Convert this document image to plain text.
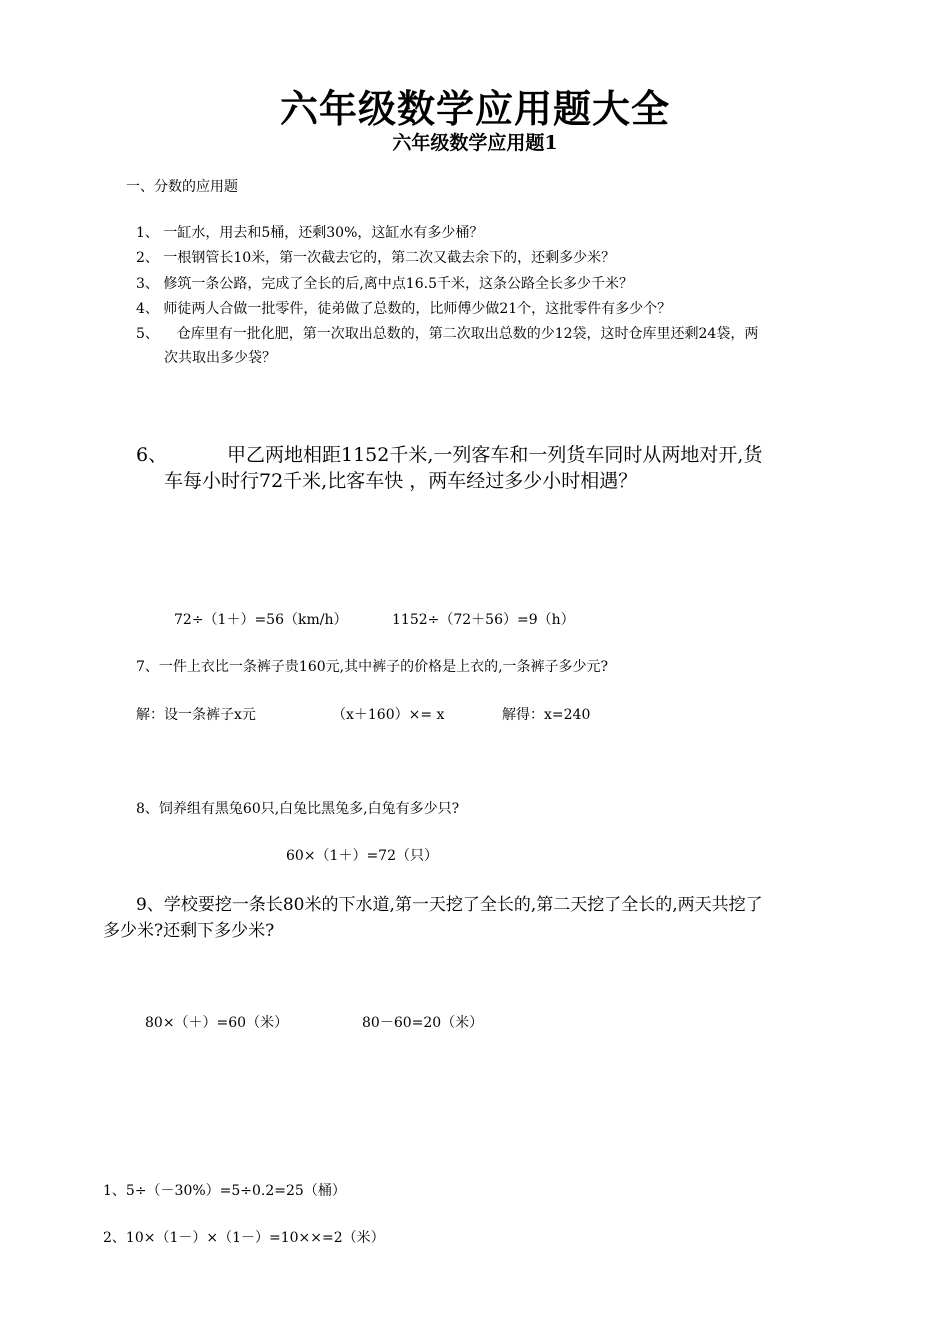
六年级数学应用题大全
六年级数学应用题1
一、分数的应用题
1、 一缸水，用去和5桶，还剩30%，这缸水有多少桶？
2、 一根钢管长10米，第一次截去它的，第二次又截去余下的，还剩多少米？
3、 修筑一条公路，完成了全长的后,离中点16.5千米，这条公路全长多少千米？
4、 师徒两人合做一批零件，徒弟做了总数的，比师傅少做21个，这批零件有多少个？
5、    仓库里有一批化肥，第一次取出总数的，第二次取出总数的少12袋，这时仓库里还剩24袋，两
次共取出多少袋？
6、	甲乙两地相距1152千米,一列客车和一列货车同时从两地对开,货
车每小时行72千米,比客车快 ，两车经过多少小时相遇？
72÷（1＋）=56（km/h）	1152÷（72＋56）=9（h）
7、一件上衣比一条裤子贵160元,其中裤子的价格是上衣的,一条裤子多少元?
解：设一条裤子x元	（x＋160）×= x	解得：x=240
8、饲养组有黑兔60只,白兔比黑兔多,白兔有多少只?
60×（1＋）=72（只）
9、学校要挖一条长80米的下水道,第一天挖了全长的,第二天挖了全长的,两天共挖了
多少米?还剩下多少米?
80×（＋）=60（米）	80－60=20（米）
1、5÷（－30%）=5÷0.2=25（桶）
2、10×（1－）×（1－）=10××=2（米）
